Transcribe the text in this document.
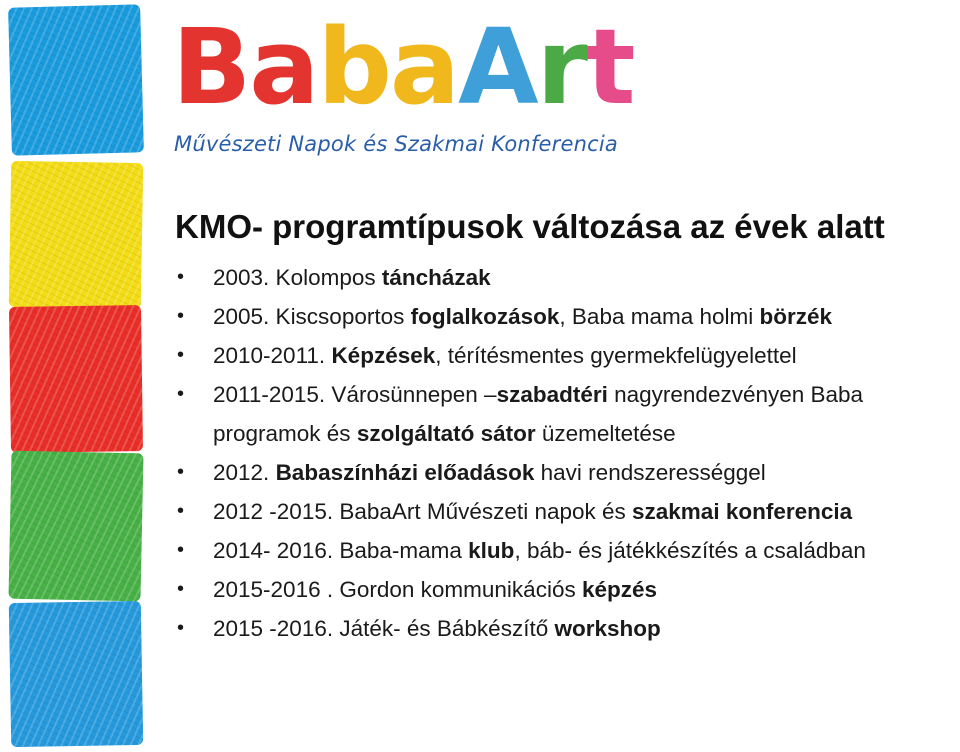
BabaArt
Művészeti Napok és Szakmai Konferencia
KMO- programtípusok változása az évek alatt
• 2003. Kolompos táncházak
• 2005. Kiscsoportos foglalkozások, Baba mama holmi börzék
• 2010-2011. Képzések, térítésmentes gyermekfelügyelettel
• 2011-2015. Városünnepen –szabadtéri nagyrendezvényen Baba programok és szolgáltató sátor üzemeltetése
• 2012. Babaszínházi előadások havi rendszerességgel
• 2012 -2015. BabaArt Művészeti napok és szakmai konferencia
• 2014- 2016. Baba-mama klub, báb- és játékkészítés a családban
• 2015-2016 . Gordon kommunikációs képzés
• 2015 -2016. Játék- és Bábkészítő workshop
